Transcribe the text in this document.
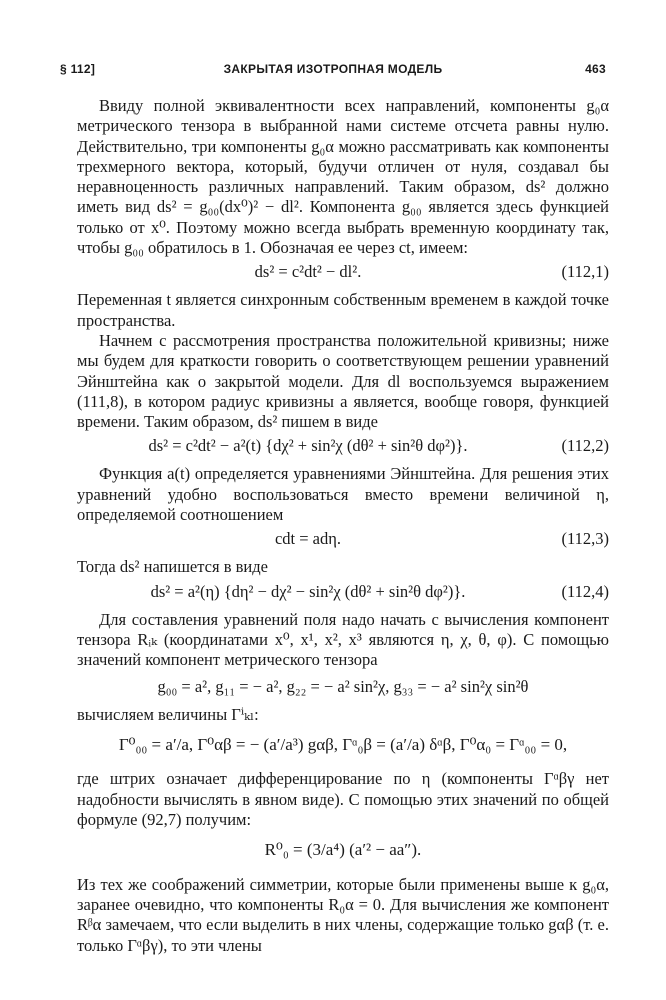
§ 112]	ЗАКРЫТАЯ ИЗОТРОПНАЯ МОДЕЛЬ	463

Ввиду полной эквивалентности всех направлений, компоненты g₀α метрического тензора в выбранной нами системе отсчета равны нулю. Действительно, три компоненты g₀α можно рассматривать как компоненты трехмерного вектора, который, будучи отличен от нуля, создавал бы неравноценность различных направлений. Таким образом, ds² должно иметь вид ds² = g₀₀(dx⁰)² − dl². Компонента g₀₀ является здесь функцией только от x⁰. Поэтому можно всегда выбрать временную координату так, чтобы g₀₀ обратилось в 1. Обозначая ее через ct, имеем:

ds² = c²dt² − dl².	(112,1)

Переменная t является синхронным собственным временем в каждой точке пространства.

Начнем с рассмотрения пространства положительной кривизны; ниже мы будем для краткости говорить о соответствующем решении уравнений Эйнштейна как о закрытой модели. Для dl воспользуемся выражением (111,8), в котором радиус кривизны a является, вообще говоря, функцией времени. Таким образом, ds² пишем в виде

ds² = c²dt² − a²(t) {dχ² + sin²χ (dθ² + sin²θ dφ²)}.	(112,2)

Функция a(t) определяется уравнениями Эйнштейна. Для решения этих уравнений удобно воспользоваться вместо времени величиной η, определяемой соотношением

cdt = adη.	(112,3)

Тогда ds² напишется в виде

ds² = a²(η) {dη² − dχ² − sin²χ (dθ² + sin²θ dφ²)}.	(112,4)

Для составления уравнений поля надо начать с вычисления компонент тензора Rᵢₖ (координатами x⁰, x¹, x², x³ являются η, χ, θ, φ). С помощью значений компонент метрического тензора

g₀₀ = a², g₁₁ = − a², g₂₂ = − a² sin²χ, g₃₃ = − a² sin²χ sin²θ

вычисляем величины Γⁱₖₗ:

Γ⁰₀₀ = a′/a, Γ⁰αβ = − (a′/a³) gαβ, Γᵅ₀β = (a′/a) δᵅβ, Γ⁰α₀ = Γᵅ₀₀ = 0,

где штрих означает дифференцирование по η (компоненты Γᵅβγ нет надобности вычислять в явном виде). С помощью этих значений по общей формуле (92,7) получим:

R⁰₀ = (3/a⁴) (a′² − aa″).

Из тех же соображений симметрии, которые были применены выше к g₀α, заранее очевидно, что компоненты R₀α = 0. Для вычисления же компонент Rᵝα замечаем, что если выделить в них члены, содержащие только gαβ (т. е. только Γᵅβγ), то эти члены
